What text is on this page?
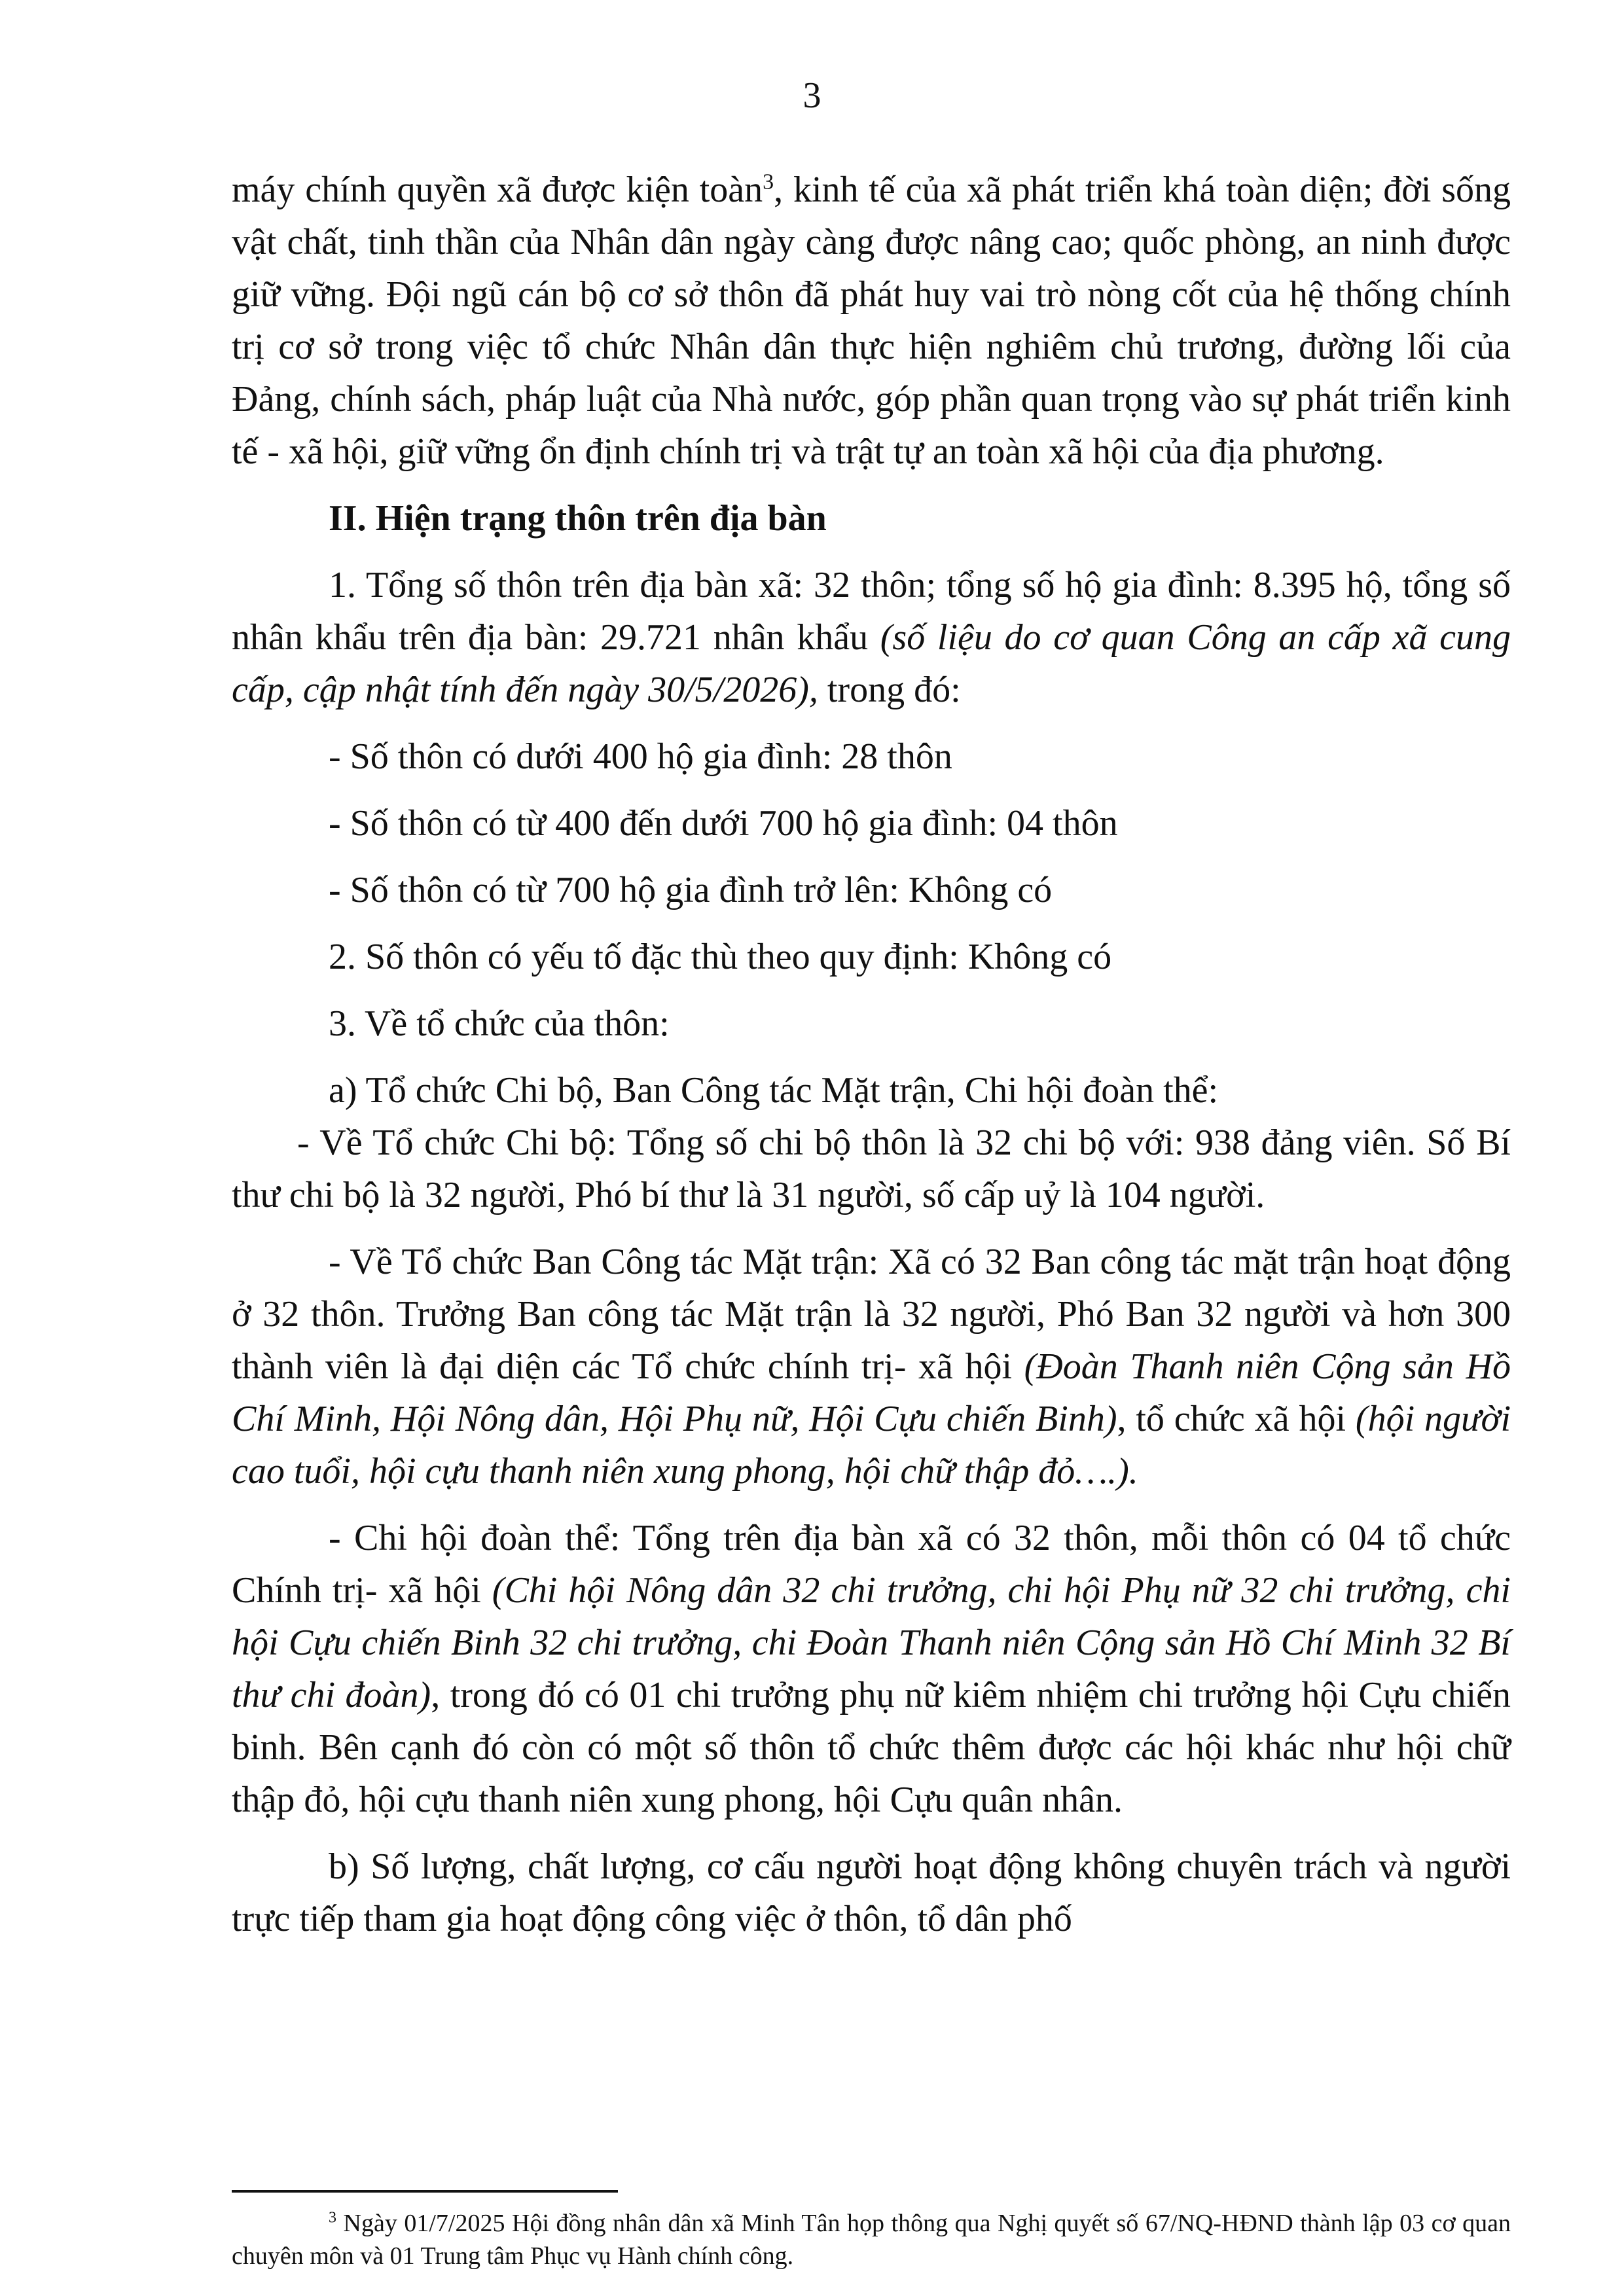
3

máy chính quyền xã được kiện toàn$^3$, kinh tế của xã phát triển khá toàn diện; đời sống vật chất, tinh thần của Nhân dân ngày càng được nâng cao; quốc phòng, an ninh được giữ vững. Đội ngũ cán bộ cơ sở thôn đã phát huy vai trò nòng cốt của hệ thống chính trị cơ sở trong việc tổ chức Nhân dân thực hiện nghiêm chủ trương, đường lối của Đảng, chính sách, pháp luật của Nhà nước, góp phần quan trọng vào sự phát triển kinh tế - xã hội, giữ vững ổn định chính trị và trật tự an toàn xã hội của địa phương.

II. Hiện trạng thôn trên địa bàn

1. Tổng số thôn trên địa bàn xã: 32 thôn; tổng số hộ gia đình: 8.395 hộ, tổng số nhân khẩu trên địa bàn: 29.721 nhân khẩu (số liệu do cơ quan Công an cấp xã cung cấp, cập nhật tính đến ngày 30/5/2026), trong đó:

- Số thôn có dưới 400 hộ gia đình: 28 thôn

- Số thôn có từ 400 đến dưới 700 hộ gia đình: 04 thôn

- Số thôn có từ 700 hộ gia đình trở lên: Không có

2. Số thôn có yếu tố đặc thù theo quy định: Không có

3. Về tổ chức của thôn:

a) Tổ chức Chi bộ, Ban Công tác Mặt trận, Chi hội đoàn thể:

- Về Tổ chức Chi bộ: Tổng số chi bộ thôn là 32 chi bộ với: 938 đảng viên. Số Bí thư chi bộ là 32 người, Phó bí thư là 31 người, số cấp uỷ là 104 người.

- Về Tổ chức Ban Công tác Mặt trận: Xã có 32 Ban công tác mặt trận hoạt động ở 32 thôn. Trưởng Ban công tác Mặt trận là 32 người, Phó Ban 32 người và hơn 300 thành viên là đại diện các Tổ chức chính trị- xã hội (Đoàn Thanh niên Cộng sản Hồ Chí Minh, Hội Nông dân, Hội Phụ nữ, Hội Cựu chiến Binh), tổ chức xã hội (hội người cao tuổi, hội cựu thanh niên xung phong, hội chữ thập đỏ….).

- Chi hội đoàn thể: Tổng trên địa bàn xã có 32 thôn, mỗi thôn có 04 tổ chức Chính trị- xã hội (Chi hội Nông dân 32 chi trưởng, chi hội Phụ nữ 32 chi trưởng, chi hội Cựu chiến Binh 32 chi trưởng, chi Đoàn Thanh niên Cộng sản Hồ Chí Minh 32 Bí thư chi đoàn), trong đó có 01 chi trưởng phụ nữ kiêm nhiệm chi trưởng hội Cựu chiến binh. Bên cạnh đó còn có một số thôn tổ chức thêm được các hội khác như hội chữ thập đỏ, hội cựu thanh niên xung phong, hội Cựu quân nhân.

b) Số lượng, chất lượng, cơ cấu người hoạt động không chuyên trách và người trực tiếp tham gia hoạt động công việc ở thôn, tổ dân phố

$^3$ Ngày 01/7/2025 Hội đồng nhân dân xã Minh Tân họp thông qua Nghị quyết số 67/NQ-HĐND thành lập 03 cơ quan chuyên môn và 01 Trung tâm Phục vụ Hành chính công.
